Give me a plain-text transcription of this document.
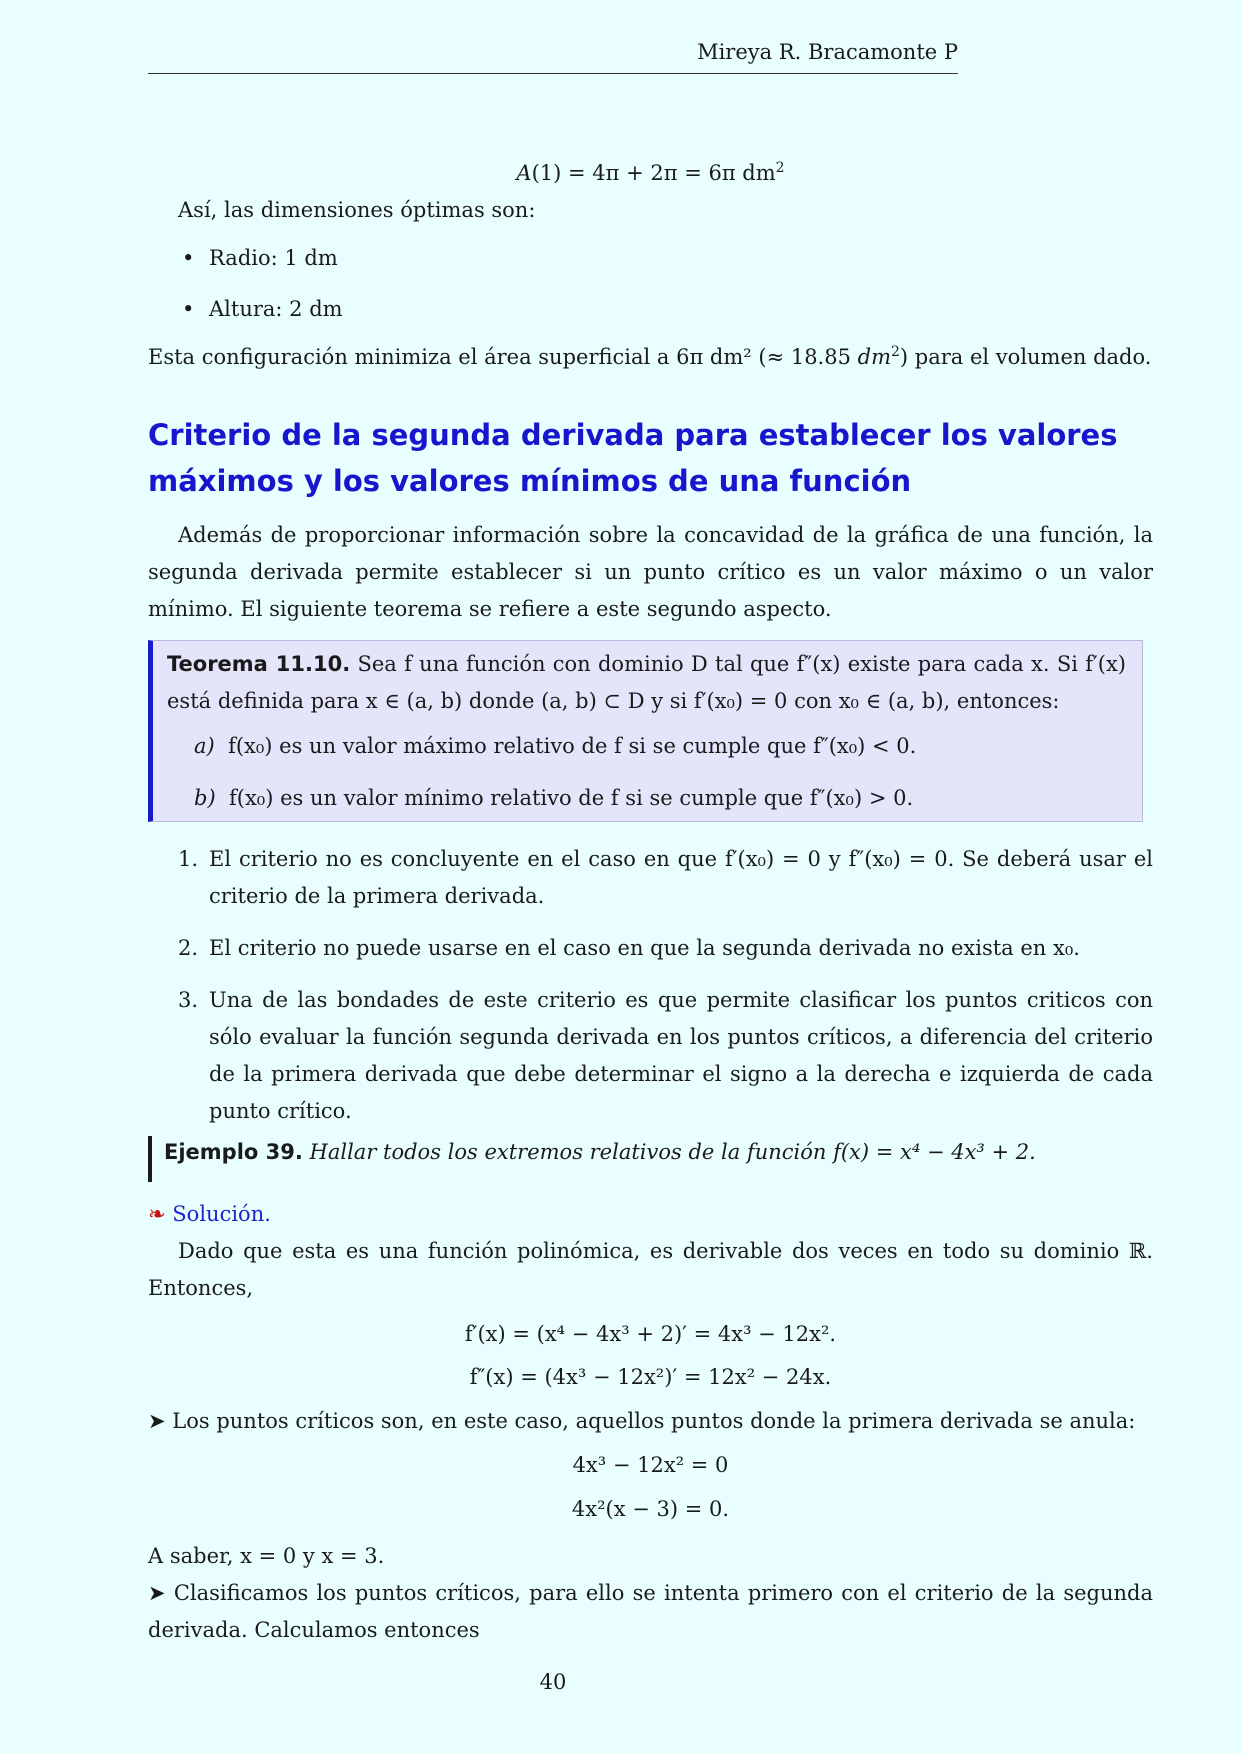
Mireya R. Bracamonte P
A(1) = 4π + 2π = 6π $dm^2$
Así, las dimensiones óptimas son:
• Radio: 1 dm
• Altura: 2 dm
Esta configuración minimiza el área superficial a 6π dm² (≈ 18.85 $dm^2$) para el volumen dado.
Criterio de la segunda derivada para establecer los valores máximos y los valores mínimos de una función
Además de proporcionar información sobre la concavidad de la gráfica de una función, la segunda derivada permite establecer si un punto crítico es un valor máximo o un valor mínimo. El siguiente teorema se refiere a este segundo aspecto.
Teorema 11.10. Sea f una función con dominio D tal que f″(x) existe para cada x. Si f′(x) está definida para x ∈ (a, b) donde (a, b) ⊂ D y si f′(x₀) = 0 con x₀ ∈ (a, b), entonces:
a) f(x₀) es un valor máximo relativo de f si se cumple que f″(x₀) < 0.
b) f(x₀) es un valor mínimo relativo de f si se cumple que f″(x₀) > 0.
1. El criterio no es concluyente en el caso en que f′(x₀) = 0 y f″(x₀) = 0. Se deberá usar el criterio de la primera derivada.
2. El criterio no puede usarse en el caso en que la segunda derivada no exista en x₀.
3. Una de las bondades de este criterio es que permite clasificar los puntos criticos con sólo evaluar la función segunda derivada en los puntos críticos, a diferencia del criterio de la primera derivada que debe determinar el signo a la derecha e izquierda de cada punto crítico.
Ejemplo 39. Hallar todos los extremos relativos de la función f(x) = x⁴ − 4x³ + 2.
❧ Solución.
Dado que esta es una función polinómica, es derivable dos veces en todo su dominio ℝ. Entonces,
f′(x) = (x⁴ − 4x³ + 2)′ = 4x³ − 12x².
f″(x) = (4x³ − 12x²)′ = 12x² − 24x.
➤ Los puntos críticos son, en este caso, aquellos puntos donde la primera derivada se anula:
4x³ − 12x² = 0
4x²(x − 3) = 0.
A saber, x = 0 y x = 3.
➤ Clasificamos los puntos críticos, para ello se intenta primero con el criterio de la segunda derivada. Calculamos entonces
40
